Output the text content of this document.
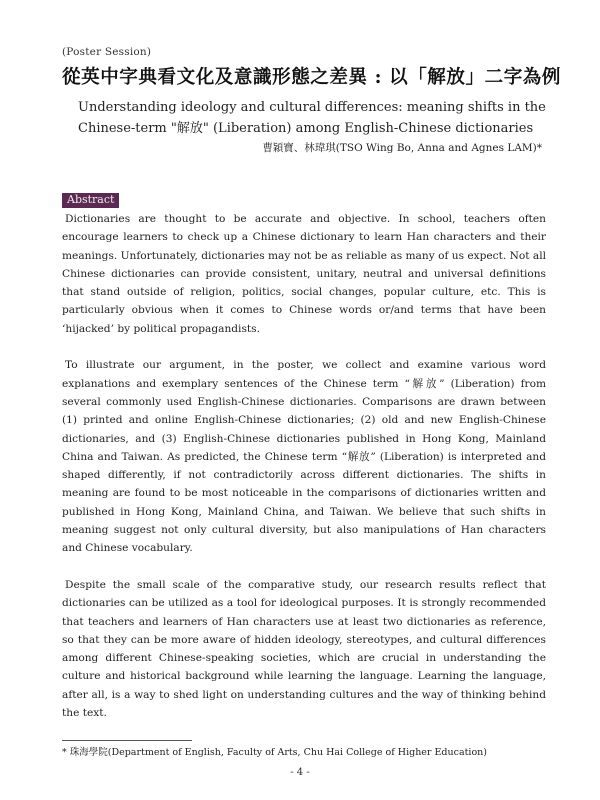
(Poster Session)
從英中字典看文化及意識形態之差異 : 以「解放」二字為例
Understanding ideology and cultural differences: meaning shifts in the
Chinese-term "解放" (Liberation) among English-Chinese dictionaries
曹穎寶、林瑋琪(TSO Wing Bo, Anna and Agnes LAM)*
Abstract

Dictionaries are thought to be accurate and objective. In school, teachers often encourage learners to check up a Chinese dictionary to learn Han characters and their meanings. Unfortunately, dictionaries may not be as reliable as many of us expect. Not all Chinese dictionaries can provide consistent, unitary, neutral and universal definitions that stand outside of religion, politics, social changes, popular culture, etc. This is particularly obvious when it comes to Chinese words or/and terms that have been ‘hijacked’ by political propagandists.

To illustrate our argument, in the poster, we collect and examine various word explanations and exemplary sentences of the Chinese term “解放” (Liberation) from several commonly used English-Chinese dictionaries. Comparisons are drawn between (1) printed and online English-Chinese dictionaries; (2) old and new English-Chinese dictionaries, and (3) English-Chinese dictionaries published in Hong Kong, Mainland China and Taiwan. As predicted, the Chinese term “解放” (Liberation) is interpreted and shaped differently, if not contradictorily across different dictionaries. The shifts in meaning are found to be most noticeable in the comparisons of dictionaries written and published in Hong Kong, Mainland China, and Taiwan. We believe that such shifts in meaning suggest not only cultural diversity, but also manipulations of Han characters and Chinese vocabulary.

Despite the small scale of the comparative study, our research results reflect that dictionaries can be utilized as a tool for ideological purposes. It is strongly recommended that teachers and learners of Han characters use at least two dictionaries as reference, so that they can be more aware of hidden ideology, stereotypes, and cultural differences among different Chinese-speaking societies, which are crucial in understanding the culture and historical background while learning the language. Learning the language, after all, is a way to shed light on understanding cultures and the way of thinking behind the text.

* 珠海學院(Department of English, Faculty of Arts, Chu Hai College of Higher Education)
- 4 -
